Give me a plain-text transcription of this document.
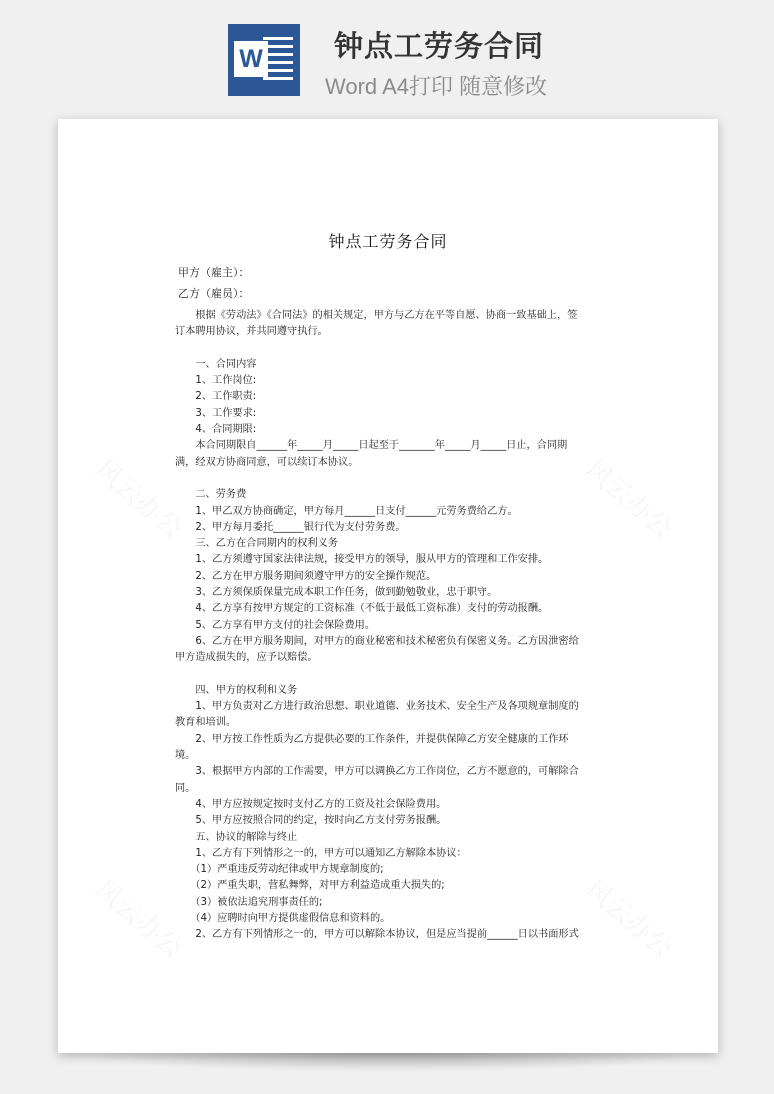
W 钟点工劳务合同
Word A4打印 随意修改
风云办公	风云办公
风云办公	风云办公
钟点工劳务合同
甲方（雇主）：
乙方（雇员）：
　　根据《劳动法》《合同法》的相关规定，甲方与乙方在平等自愿、协商一致基础上，签
订本聘用协议，并共同遵守执行。
　　一、合同内容
　　1、工作岗位:
　　2、工作职责:
　　3、工作要求:
　　4、合同期限:
　　本合同期限自______年_____月_____日起至于_______年_____月_____日止，合同期
满，经双方协商同意，可以续订本协议。
　　二、劳务费
　　1、甲乙双方协商确定，甲方每月______日支付______元劳务费给乙方。
　　2、甲方每月委托______银行代为支付劳务费。
　　三、乙方在合同期内的权利义务
　　1、乙方须遵守国家法律法规，接受甲方的领导，服从甲方的管理和工作安排。
　　2、乙方在甲方服务期间须遵守甲方的安全操作规范。
　　3、乙方须保质保量完成本职工作任务，做到勤勉敬业，忠于职守。
　　4、乙方享有按甲方规定的工资标准（不低于最低工资标准）支付的劳动报酬。
　　5、乙方享有甲方支付的社会保险费用。
　　6、乙方在甲方服务期间，对甲方的商业秘密和技术秘密负有保密义务。乙方因泄密给
甲方造成损失的，应予以赔偿。
　　四、甲方的权利和义务
　　1、甲方负责对乙方进行政治思想、职业道德、业务技术、安全生产及各项规章制度的
教育和培训。
　　2、甲方按工作性质为乙方提供必要的工作条件，并提供保障乙方安全健康的工作环
境。
　　3、根据甲方内部的工作需要，甲方可以调换乙方工作岗位，乙方不愿意的，可解除合
同。
　　4、甲方应按规定按时支付乙方的工资及社会保险费用。
　　5、甲方应按照合同的约定，按时向乙方支付劳务报酬。
　　五、协议的解除与终止
　　1、乙方有下列情形之一的，甲方可以通知乙方解除本协议：
　　（1）严重违反劳动纪律或甲方规章制度的;
　　（2）严重失职，营私舞弊，对甲方利益造成重大损失的;
　　（3）被依法追究刑事责任的;
　　（4）应聘时向甲方提供虚假信息和资料的。
　　2、乙方有下列情形之一的，甲方可以解除本协议，但是应当提前______日以书面形式
